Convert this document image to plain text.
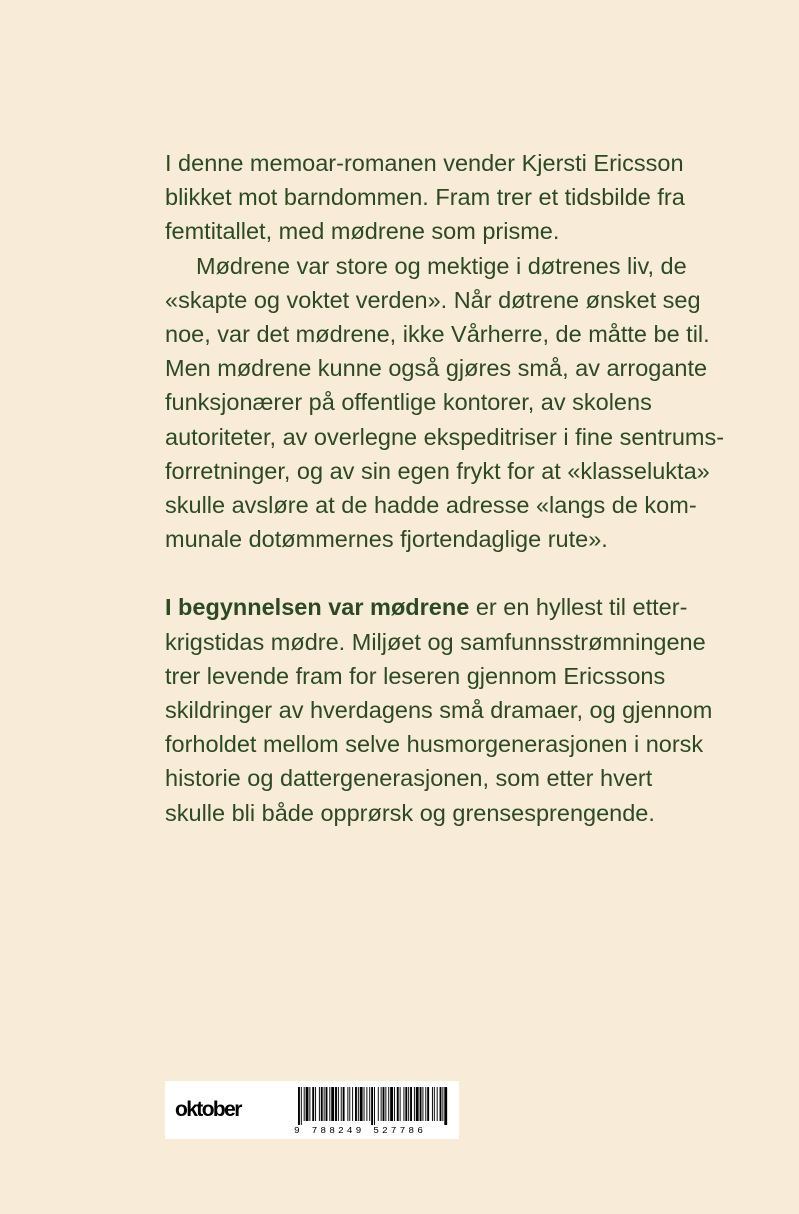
I denne memoar-romanen vender Kjersti Ericsson
blikket mot barndommen. Fram trer et tidsbilde fra
femtitallet, med mødrene som prisme.
Mødrene var store og mektige i døtrenes liv, de
«skapte og voktet verden». Når døtrene ønsket seg
noe, var det mødrene, ikke Vårherre, de måtte be til.
Men mødrene kunne også gjøres små, av arrogante
funksjonærer på offentlige kontorer, av skolens
autoriteter, av overlegne ekspeditriser i fine sentrums-
forretninger, og av sin egen frykt for at «klasselukta»
skulle avsløre at de hadde adresse «langs de kom-
munale dotømmernes fjortendaglige rute».
I begynnelsen var mødrene er en hyllest til etter-
krigstidas mødre. Miljøet og samfunnsstrømningene
trer levende fram for leseren gjennom Ericssons
skildringer av hverdagens små dramaer, og gjennom
forholdet mellom selve husmorgenerasjonen i norsk
historie og dattergenerasjonen, som etter hvert
skulle bli både opprørsk og grensesprengende.
oktober
9 788249 527786
